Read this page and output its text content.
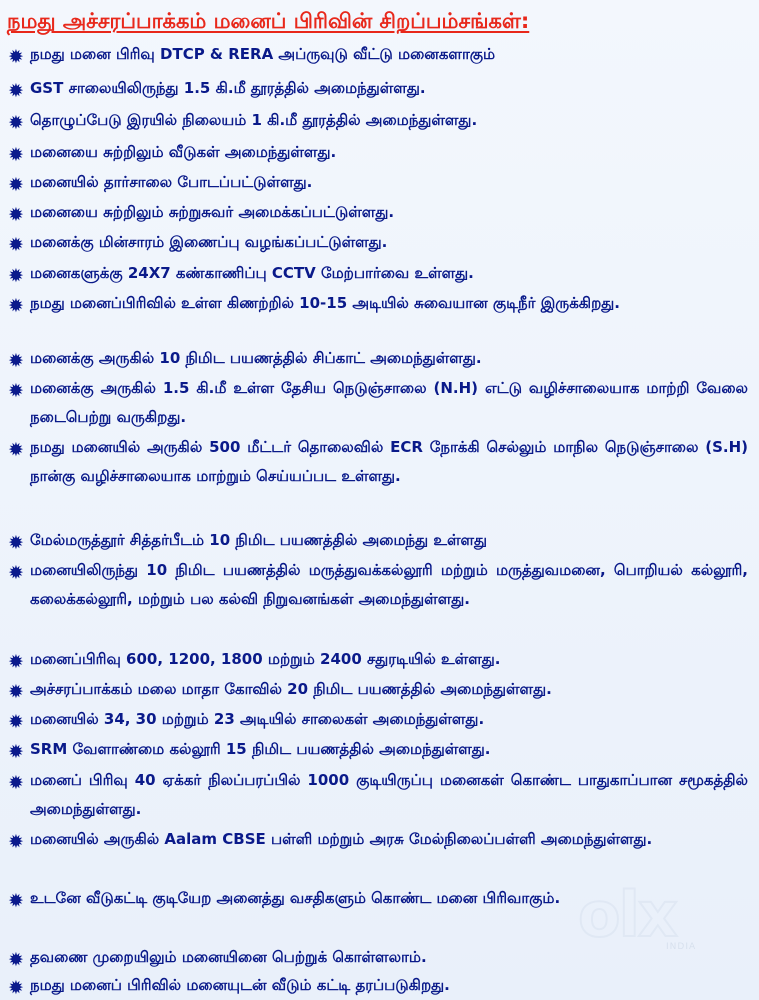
நமது அச்சரப்பாக்கம் மனைப் பிரிவின் சிறப்பம்சங்கள்:
✹ நமது மனை பிரிவு DTCP & RERA அப்ருவுடு வீட்டு மனைகளாகும்
✹ GST சாலையிலிருந்து 1.5 கி.மீ தூரத்தில் அமைந்துள்ளது.
✹ தொழுப்பேடு இரயில் நிலையம் 1 கி.மீ தூரத்தில் அமைந்துள்ளது.
✹ மனையை சுற்றிலும் வீடுகள் அமைந்துள்ளது.
✹ மனையில் தார்சாலை போடப்பட்டுள்ளது.
✹ மனையை சுற்றிலும் சுற்றுசுவர் அமைக்கப்பட்டுள்ளது.
✹ மனைக்கு மின்சாரம் இணைப்பு வழங்கப்பட்டுள்ளது.
✹ மனைகளுக்கு 24X7 கண்காணிப்பு CCTV மேற்பார்வை உள்ளது.
✹ நமது மனைப்பிரிவில் உள்ள கிணற்றில் 10-15 அடியில் சுவையான குடிநீர் இருக்கிறது.
✹ மனைக்கு அருகில் 10 நிமிட பயணத்தில் சிப்காட் அமைந்துள்ளது.
✹ மனைக்கு அருகில் 1.5 கி.மீ உள்ள தேசிய நெடுஞ்சாலை (N.H) எட்டு வழிச்சாலையாக மாற்றி வேலை நடைபெற்று வருகிறது.
✹ நமது மனையில் அருகில் 500 மீட்டர் தொலைவில் ECR நோக்கி செல்லும் மாநில நெடுஞ்சாலை (S.H) நான்கு வழிச்சாலையாக மாற்றும் செய்யப்பட உள்ளது.
✹ மேல்மருத்தூர் சித்தர்பீடம் 10 நிமிட பயணத்தில் அமைந்து உள்ளது
✹ மனையிலிருந்து 10 நிமிட பயணத்தில் மருத்துவக்கல்லூரி மற்றும் மருத்துவமனை, பொறியல் கல்லூரி, கலைக்கல்லூரி, மற்றும் பல கல்வி நிறுவனங்கள் அமைந்துள்ளது.
✹ மனைப்பிரிவு 600, 1200, 1800 மற்றும் 2400 சதுரடியில் உள்ளது.
✹ அச்சரப்பாக்கம் மலை மாதா கோவில் 20 நிமிட பயணத்தில் அமைந்துள்ளது.
✹ மனையில் 34, 30 மற்றும் 23 அடியில் சாலைகள் அமைந்துள்ளது.
✹ SRM வேளாண்மை கல்லூரி 15 நிமிட பயணத்தில் அமைந்துள்ளது.
✹ மனைப் பிரிவு 40 ஏக்கர் நிலப்பரப்பில் 1000 குடியிருப்பு மனைகள் கொண்ட பாதுகாப்பான சமூகத்தில் அமைந்துள்ளது.
✹ மனையில் அருகில் Aalam CBSE பள்ளி மற்றும் அரசு மேல்நிலைப்பள்ளி அமைந்துள்ளது.
✹ உடனே வீடுகட்டி குடியேற அனைத்து வசதிகளும் கொண்ட மனை பிரிவாகும்.
✹ தவணை முறையிலும் மனையினை பெற்றுக் கொள்ளலாம்.
✹ நமது மனைப் பிரிவில் மனையுடன் வீடும் கட்டி தரப்படுகிறது.
olx
INDIA
